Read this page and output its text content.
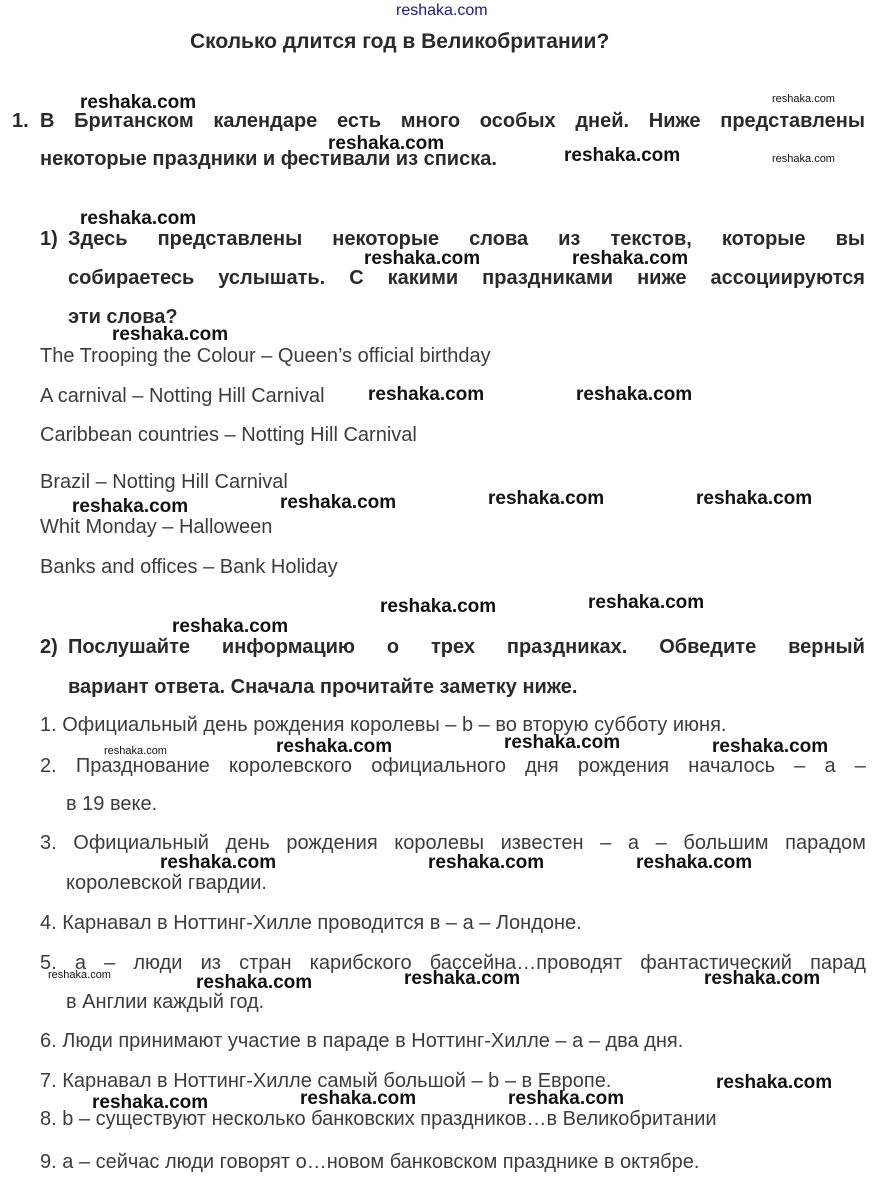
reshaka.com
Сколько длится год в Великобритании?
1. В Британском календаре есть много особых дней. Ниже представлены
некоторые праздники и фестивали из списка.
1) Здесь представлены некоторые слова из текстов, которые вы
собираетесь услышать. С какими праздниками ниже ассоциируются
эти слова?
The Trooping the Colour – Queen’s official birthday
A carnival – Notting Hill Carnival
Caribbean countries – Notting Hill Carnival
Brazil – Notting Hill Carnival
Whit Monday – Halloween
Banks and offices – Bank Holiday
2) Послушайте информацию о трех праздниках. Обведите верный
вариант ответа. Сначала прочитайте заметку ниже.
1. Официальный день рождения королевы – b – во вторую субботу июня.
2. Празднование королевского официального дня рождения началось – а –
в 19 веке.
3. Официальный день рождения королевы известен – а – большим парадом
королевской гвардии.
4. Карнавал в Ноттинг-Хилле проводится в – а – Лондоне.
5. а – люди из стран карибского бассейна…проводят фантастический парад
в Англии каждый год.
6. Люди принимают участие в параде в Ноттинг-Хилле – а – два дня.
7. Карнавал в Ноттинг-Хилле самый большой – b – в Европе.
8. b – существуют несколько банковских праздников…в Великобритании
9. а – сейчас люди говорят о…новом банковском празднике в октябре.
reshaka.com	reshaka.com
reshaka.com
reshaka.com	reshaka.com
reshaka.com
reshaka.com	reshaka.com
reshaka.com
reshaka.com	reshaka.com
reshaka.com	reshaka.com	reshaka.com	reshaka.com
reshaka.com	reshaka.com
reshaka.com
reshaka.com	reshaka.com	reshaka.com	reshaka.com
reshaka.com	reshaka.com	reshaka.com
reshaka.com	reshaka.com	reshaka.com	reshaka.com
reshaka.com
reshaka.com	reshaka.com	reshaka.com
